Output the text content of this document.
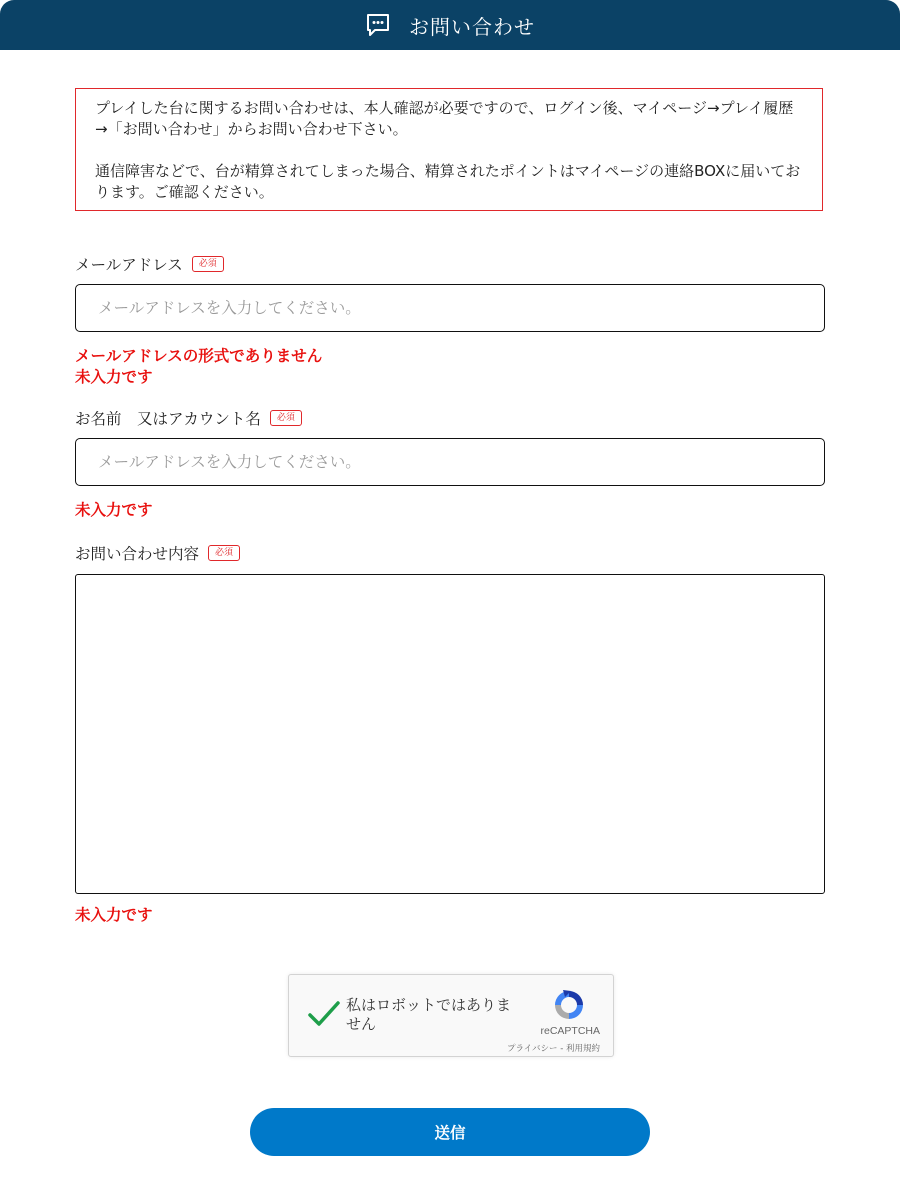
お問い合わせ

プレイした台に関するお問い合わせは、本人確認が必要ですので、ログイン後、マイページ→プレイ履歴→「お問い合わせ」からお問い合わせ下さい。

通信障害などで、台が精算されてしまった場合、精算されたポイントはマイページの連絡BOXに届いております。ご確認ください。

メールアドレス	必須
メールアドレスを入力してください。
メールアドレスの形式でありません
未入力です
お名前　又はアカウント名	必須
メールアドレスを入力してください。
未入力です
お問い合わせ内容	必須
未入力です
私はロボットではありません	reCAPTCHA
プライバシー - 利用規約
送信
